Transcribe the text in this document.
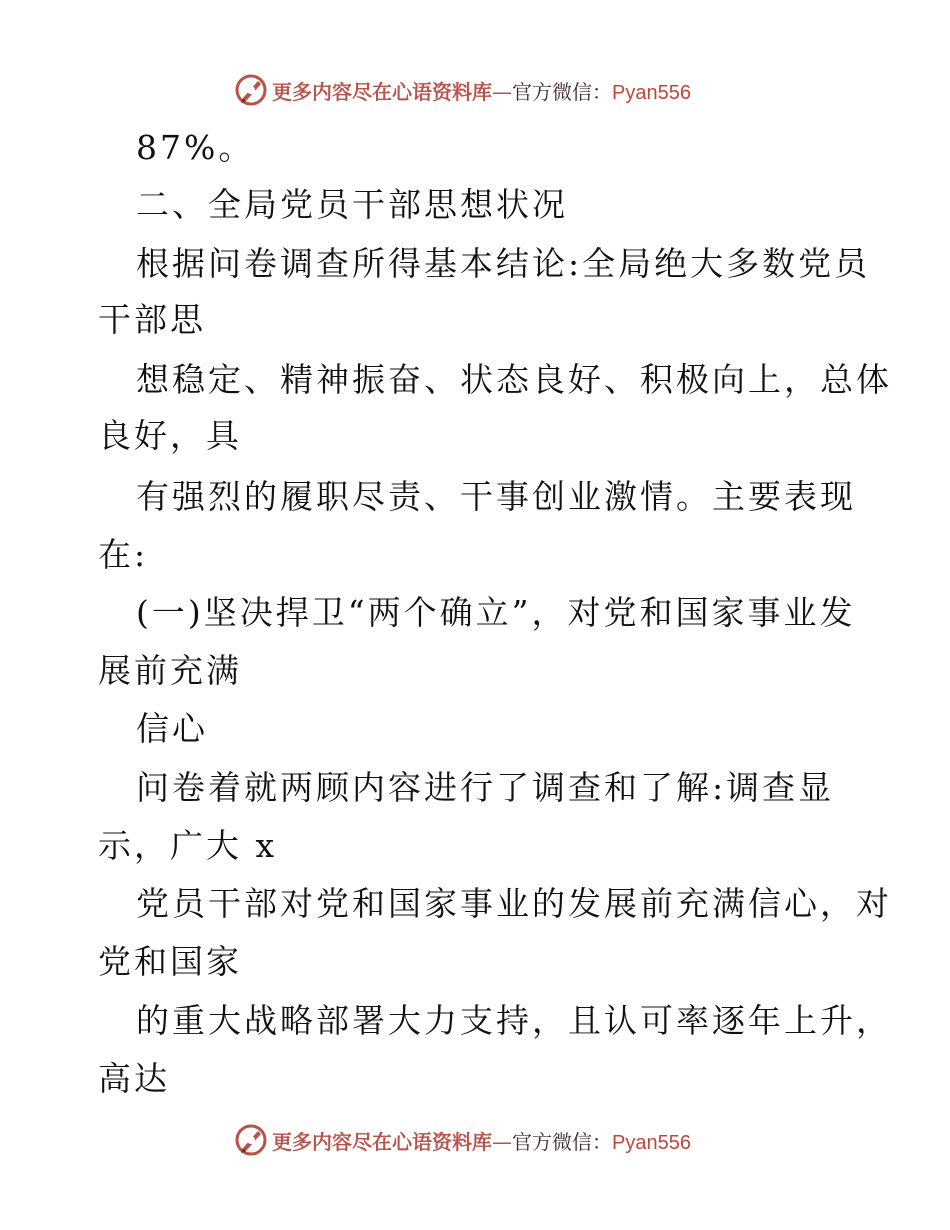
更多内容尽在心语资料库—官方微信：Pyan556
87%。
二、全局党员干部思想状况
根据问卷调查所得基本结论:全局绝大多数党员
干部思
想稳定、精神振奋、状态良好、积极向上，总体
良好，具
有强烈的履职尽责、干事创业激情。主要表现
在:
(一)坚决捍卫“两个确立”，对党和国家事业发
展前充满
信心
问卷着就两顾内容进行了调查和了解:调查显
示，广大 x
党员干部对党和国家事业的发展前充满信心，对
党和国家
的重大战略部署大力支持，且认可率逐年上升，
高达
更多内容尽在心语资料库—官方微信：Pyan556
